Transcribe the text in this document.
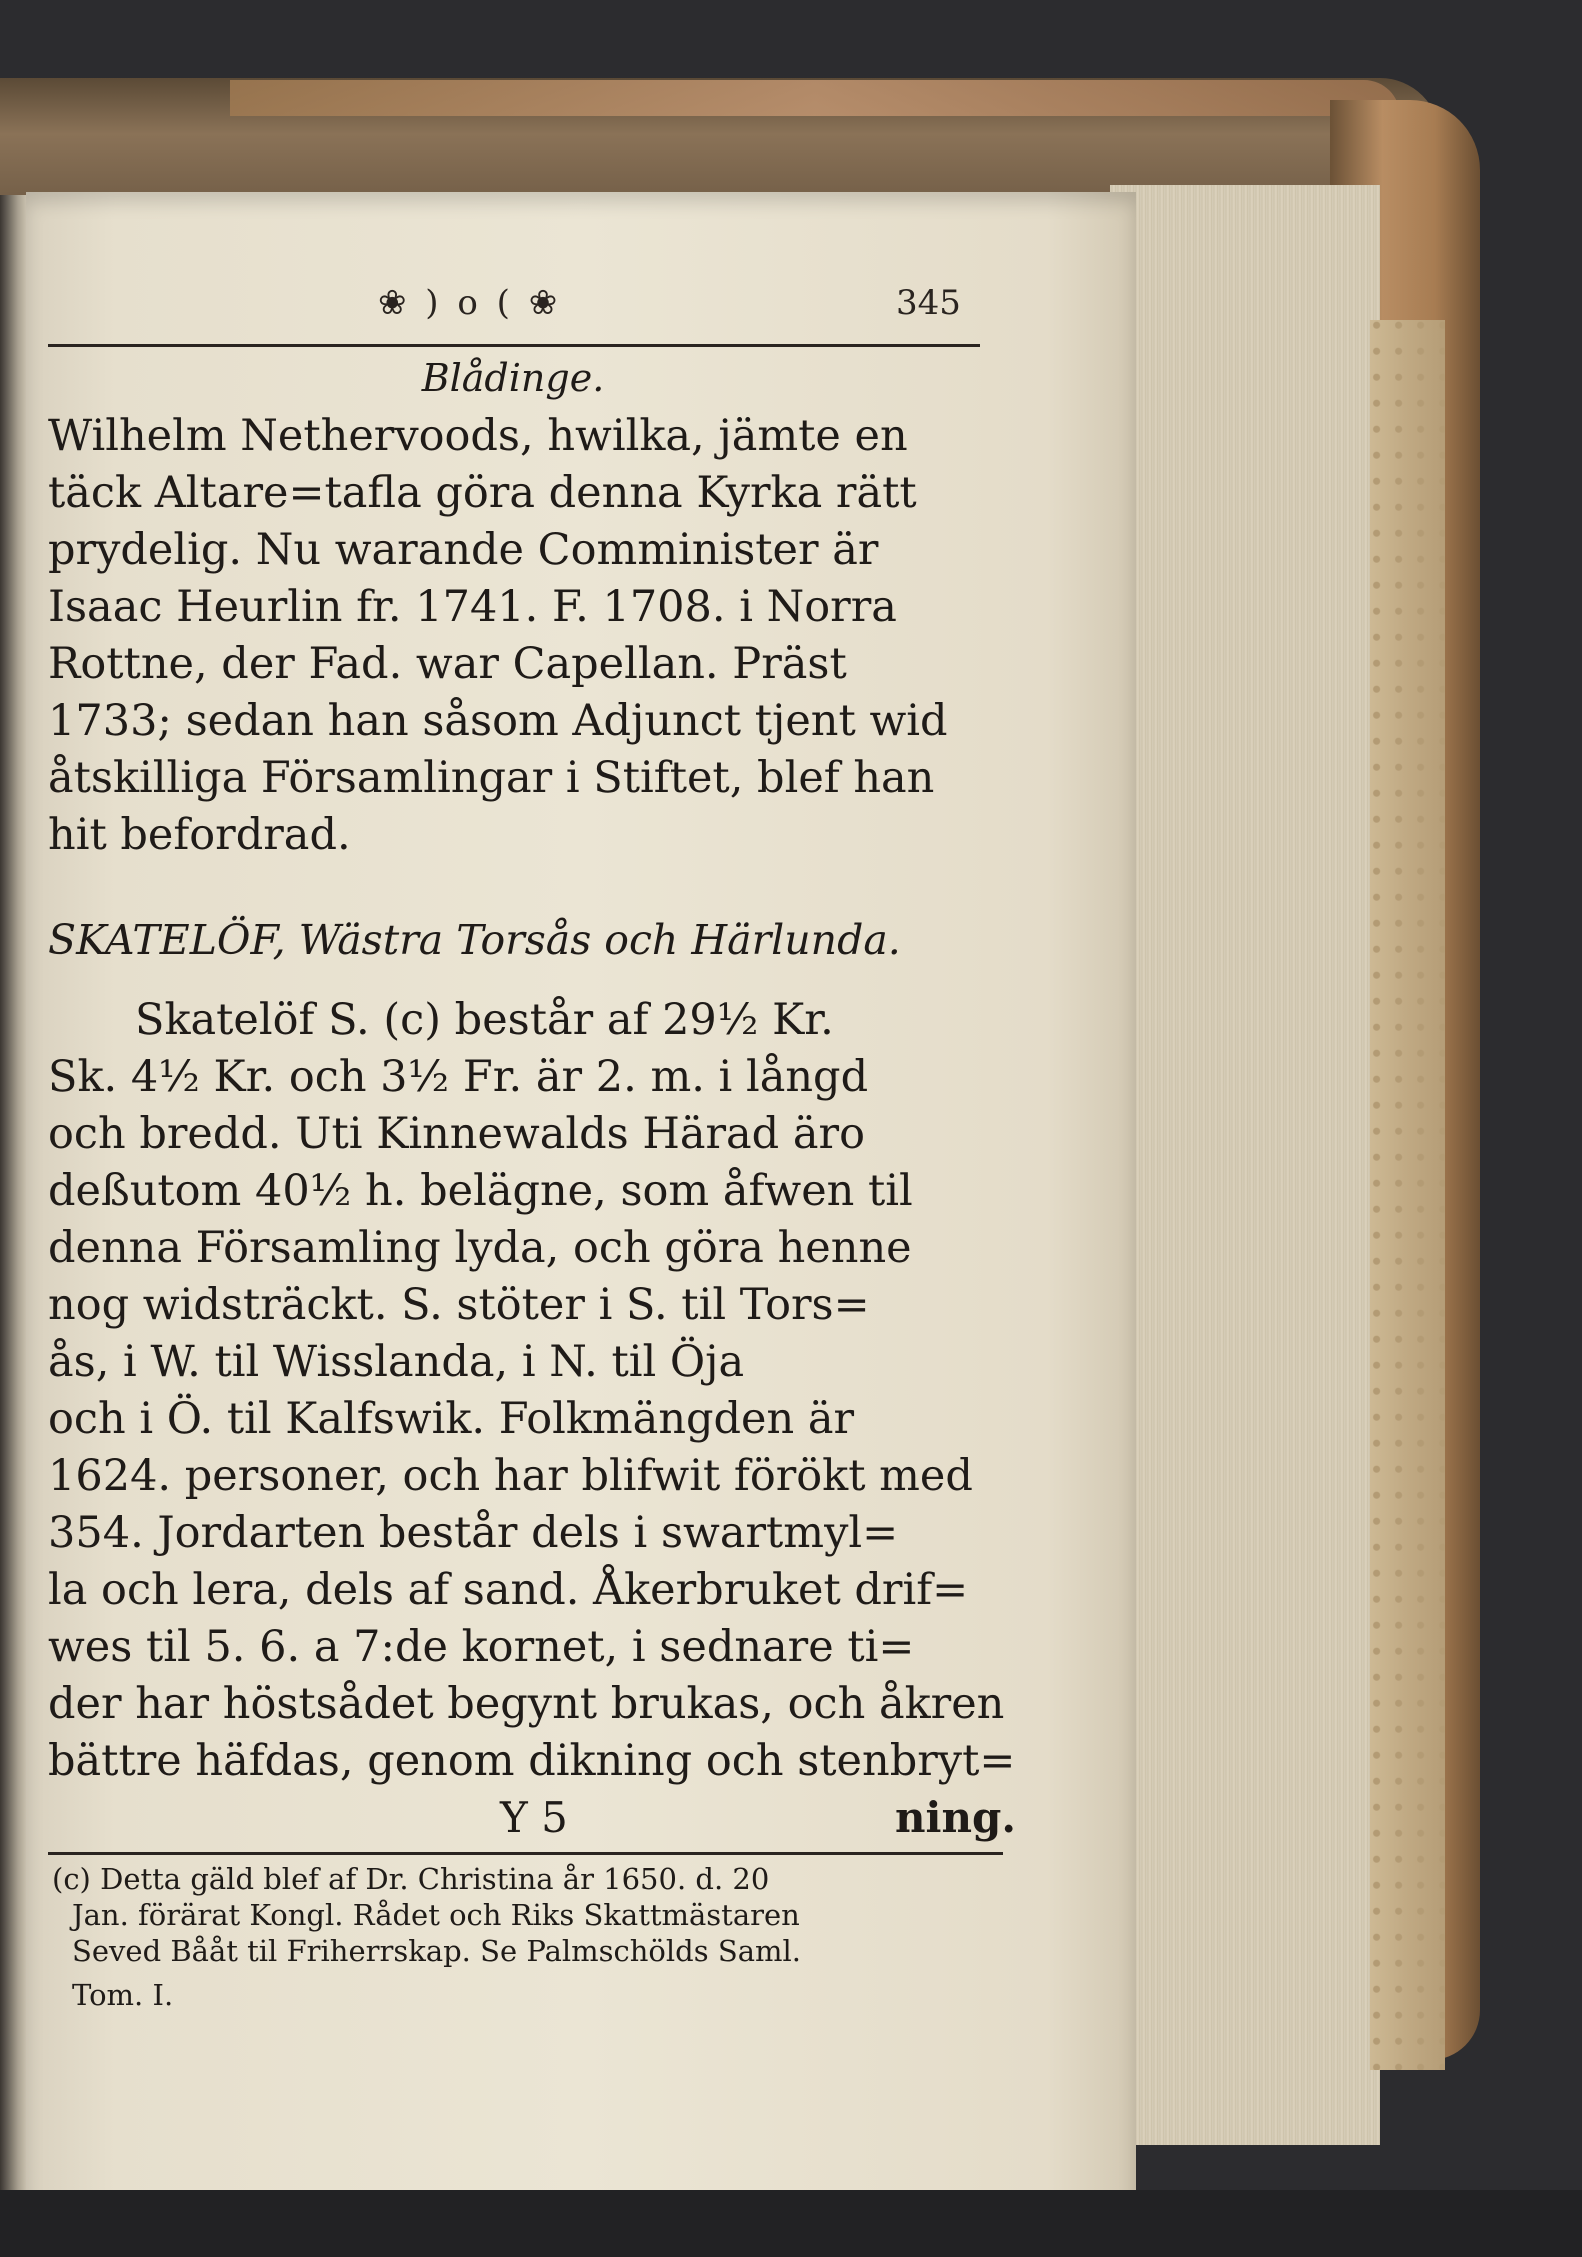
❀ ) o ( ❀	345
Blådinge.
Wilhelm Nethervoods, hwilka, jämte en
täck Altare=tafla göra denna Kyrka rätt
prydelig. Nu warande Comminister är
Isaac Heurlin fr. 1741. F. 1708. i Norra
Rottne, der Fad. war Capellan. Präst
1733; sedan han såsom Adjunct tjent wid
åtskilliga Församlingar i Stiftet, blef han
hit befordrad.
SKATELÖF, Wästra Torsås och Härlunda.
Skatelöf S. (c) består af 29½ Kr.
Sk. 4½ Kr. och 3½ Fr. är 2. m. i långd
och bredd. Uti Kinnewalds Härad äro
deßutom 40½ h. belägne, som åfwen til
denna Församling lyda, och göra henne
nog widsträckt. S. stöter i S. til Tors=
ås, i W. til Wisslanda, i N. til Öja
och i Ö. til Kalfswik. Folkmängden är
1624. personer, och har blifwit förökt med
354. Jordarten består dels i swartmyl=
la och lera, dels af sand. Åkerbruket drif=
wes til 5. 6. a 7:de kornet, i sednare ti=
der har höstsådet begynt brukas, och åkren
bättre häfdas, genom dikning och stenbryt=
Y 5	ning.
(c) Detta gäld blef af Dr. Christina år 1650. d. 20
Jan. förärat Kongl. Rådet och Riks Skattmästaren
Seved Bååt til Friherrskap. Se Palmschölds Saml.
Tom. I.
